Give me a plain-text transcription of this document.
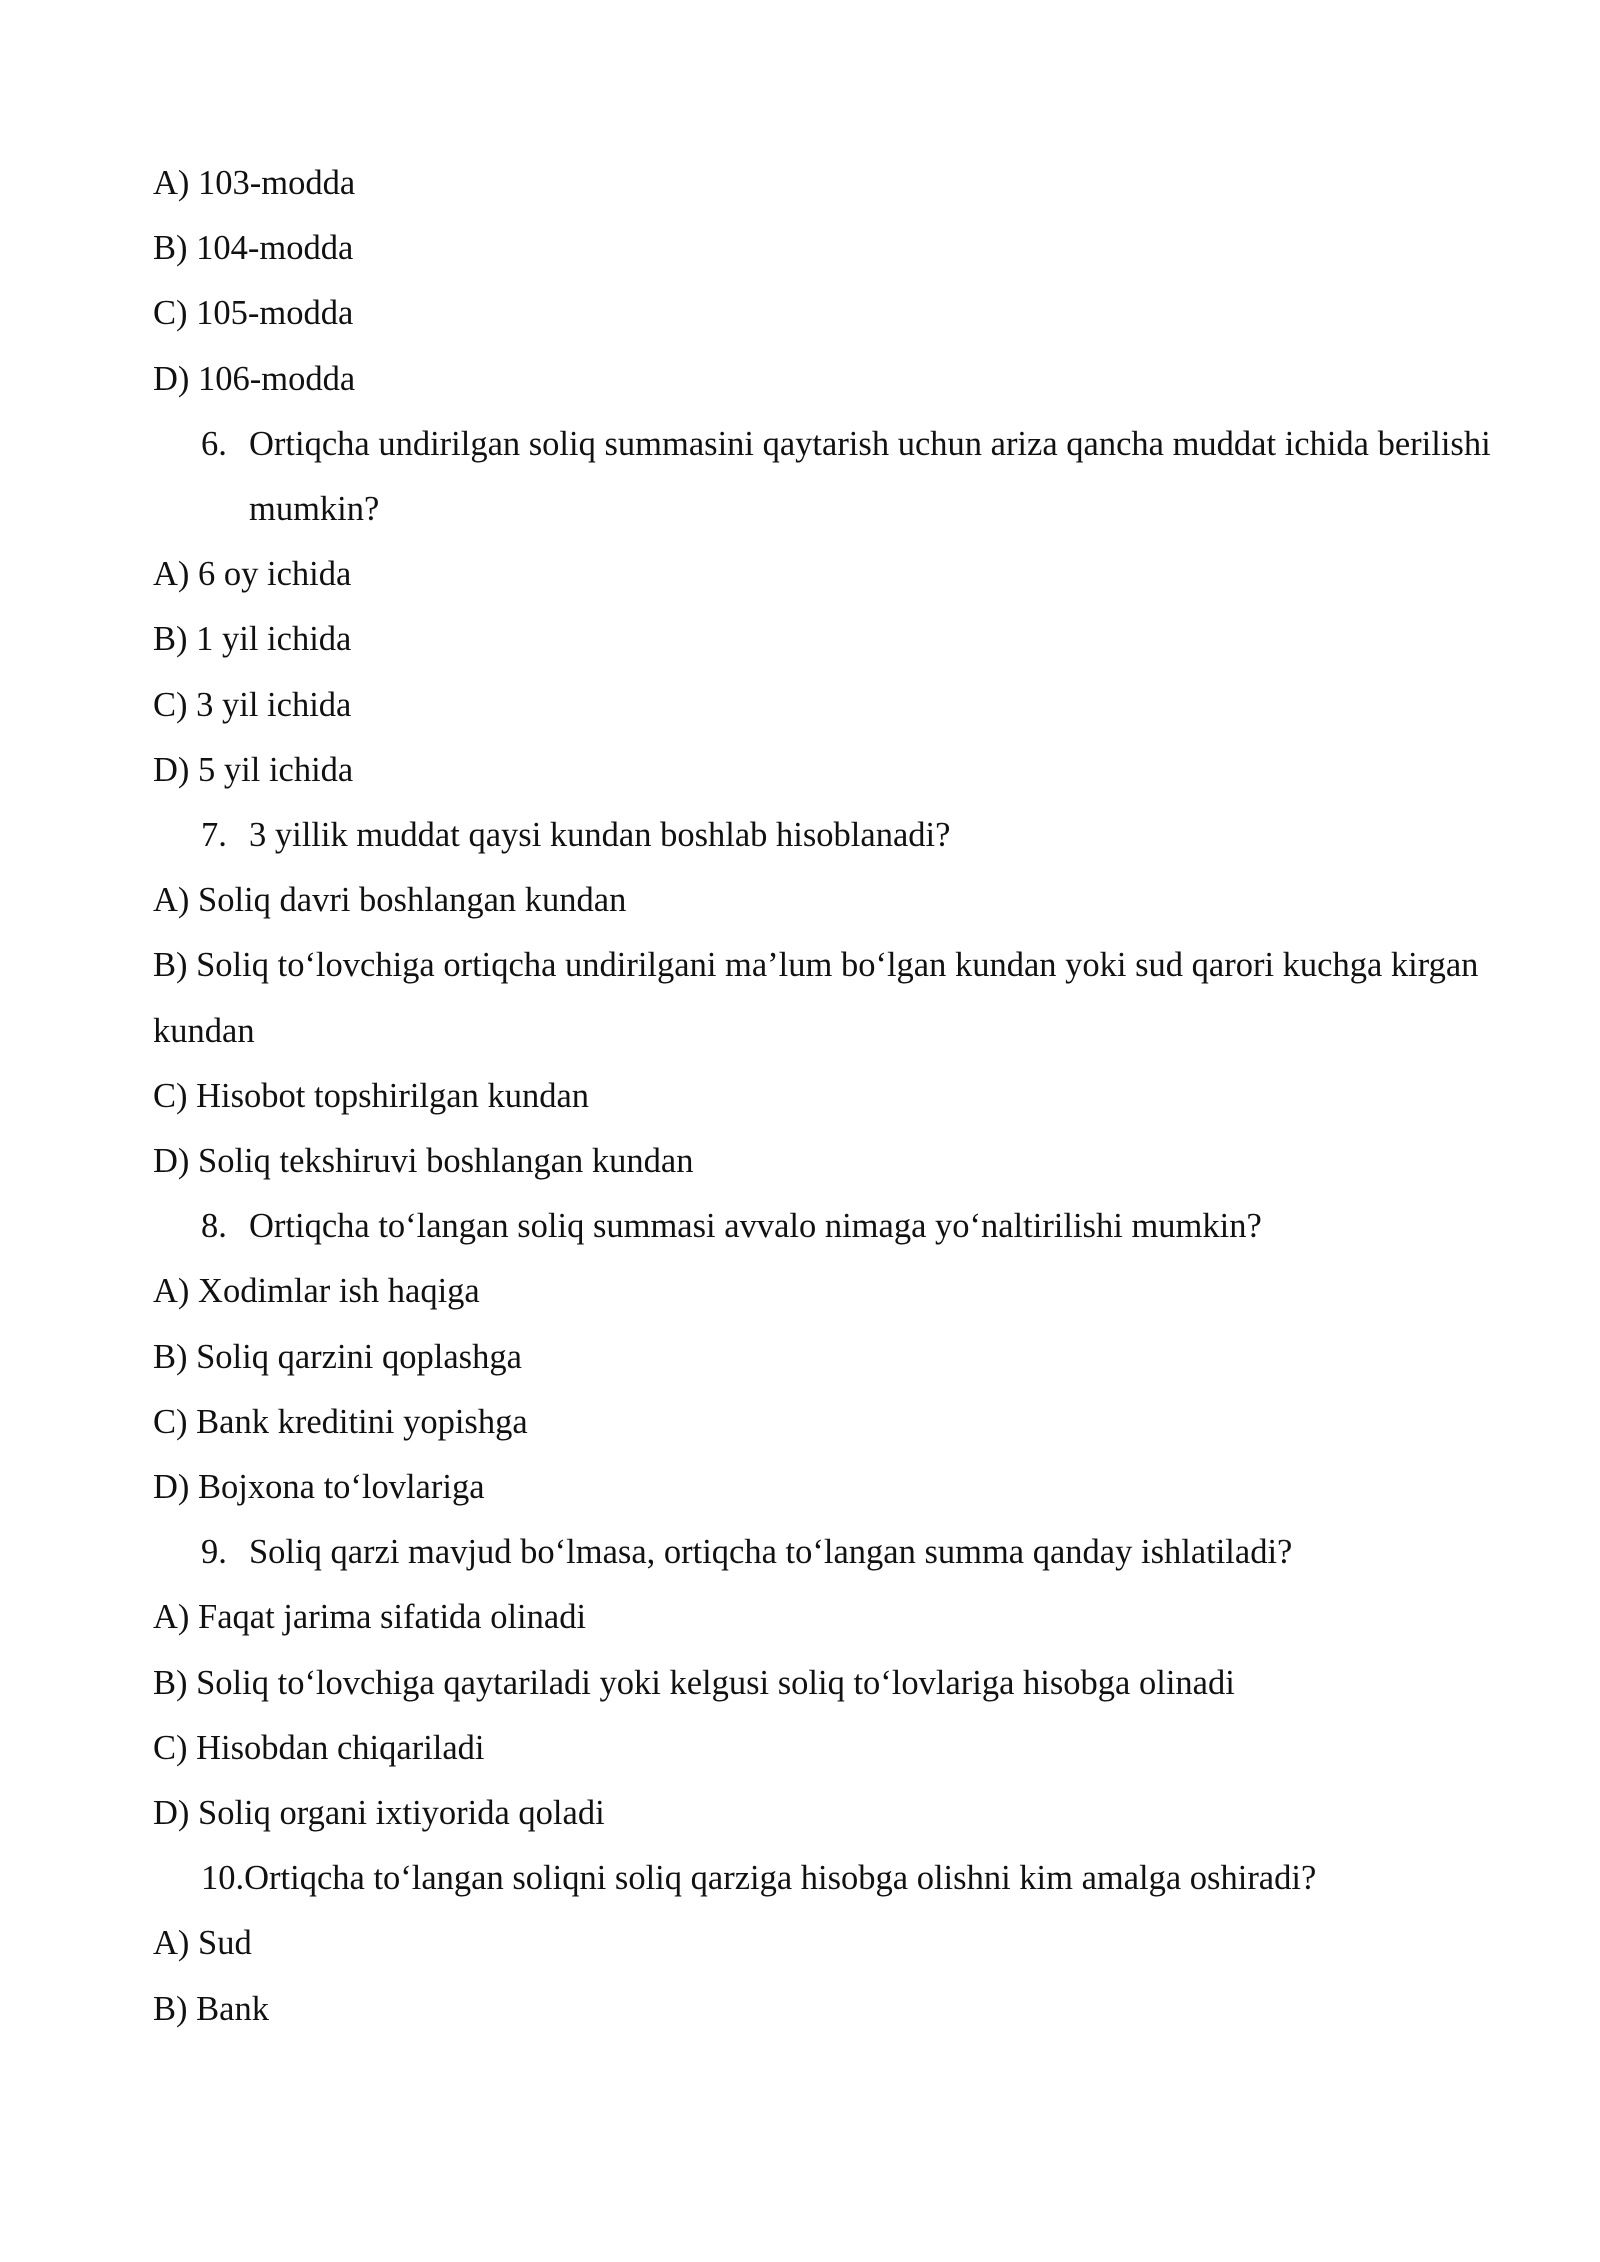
A) 103-modda

B) 104-modda

C) 105-modda

D) 106-modda

6. Ortiqcha undirilgan soliq summasini qaytarish uchun ariza qancha muddat ichida berilishi mumkin?

A) 6 oy ichida

B) 1 yil ichida

C) 3 yil ichida

D) 5 yil ichida

7. 3 yillik muddat qaysi kundan boshlab hisoblanadi?

A) Soliq davri boshlangan kundan

B) Soliq to‘lovchiga ortiqcha undirilgani ma’lum bo‘lgan kundan yoki sud qarori kuchga kirgan kundan

C) Hisobot topshirilgan kundan

D) Soliq tekshiruvi boshlangan kundan

8. Ortiqcha to‘langan soliq summasi avvalo nimaga yo‘naltirilishi mumkin?

A) Xodimlar ish haqiga

B) Soliq qarzini qoplashga

C) Bank kreditini yopishga

D) Bojxona to‘lovlariga

9. Soliq qarzi mavjud bo‘lmasa, ortiqcha to‘langan summa qanday ishlatiladi?

A) Faqat jarima sifatida olinadi

B) Soliq to‘lovchiga qaytariladi yoki kelgusi soliq to‘lovlariga hisobga olinadi

C) Hisobdan chiqariladi

D) Soliq organi ixtiyorida qoladi

10.Ortiqcha to‘langan soliqni soliq qarziga hisobga olishni kim amalga oshiradi?

A) Sud

B) Bank
